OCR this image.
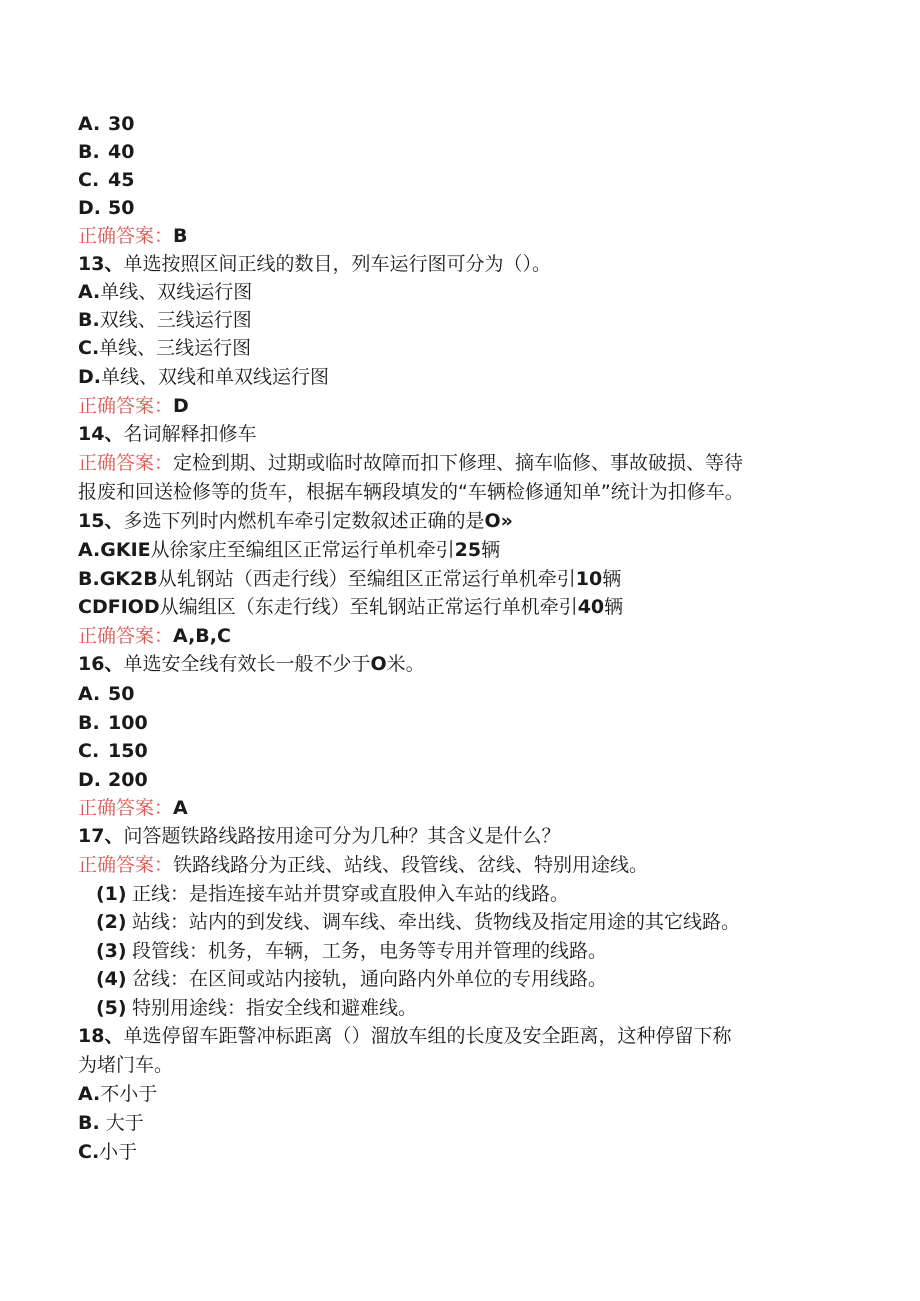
A. 30
B. 40
C. 45
D. 50
正确答案：B
13、单选按照区间正线的数目，列车运行图可分为（）。
A.单线、双线运行图
B.双线、三线运行图
C.单线、三线运行图
D.单线、双线和单双线运行图
正确答案：D
14、名词解释扣修车
正确答案：定检到期、过期或临时故障而扣下修理、摘车临修、事故破损、等待
报废和回送检修等的货车，根据车辆段填发的“车辆检修通知单”统计为扣修车。
15、多选下列时内燃机车牵引定数叙述正确的是O»
A.GKIE从徐家庄至编组区正常运行单机牵引25辆
B.GK2B从轧钢站（西走行线）至编组区正常运行单机牵引10辆
CDFIOD从编组区（东走行线）至轧钢站正常运行单机牵引40辆
正确答案：A,B,C
16、单选安全线有效长一般不少于O米。
A. 50
B. 100
C. 150
D. 200
正确答案：A
17、问答题铁路线路按用途可分为几种？其含义是什么？
正确答案：铁路线路分为正线、站线、段管线、岔线、特别用途线。
(1) 正线：是指连接车站并贯穿或直股伸入车站的线路。
(2) 站线：站内的到发线、调车线、牵出线、货物线及指定用途的其它线路。
(3) 段管线：机务，车辆，工务，电务等专用并管理的线路。
(4) 岔线：在区间或站内接轨，通向路内外单位的专用线路。
(5) 特别用途线：指安全线和避难线。
18、单选停留车距警冲标距离（）溜放车组的长度及安全距离，这种停留下称
为堵门车。
A.不小于
B. 大于
C.小于
